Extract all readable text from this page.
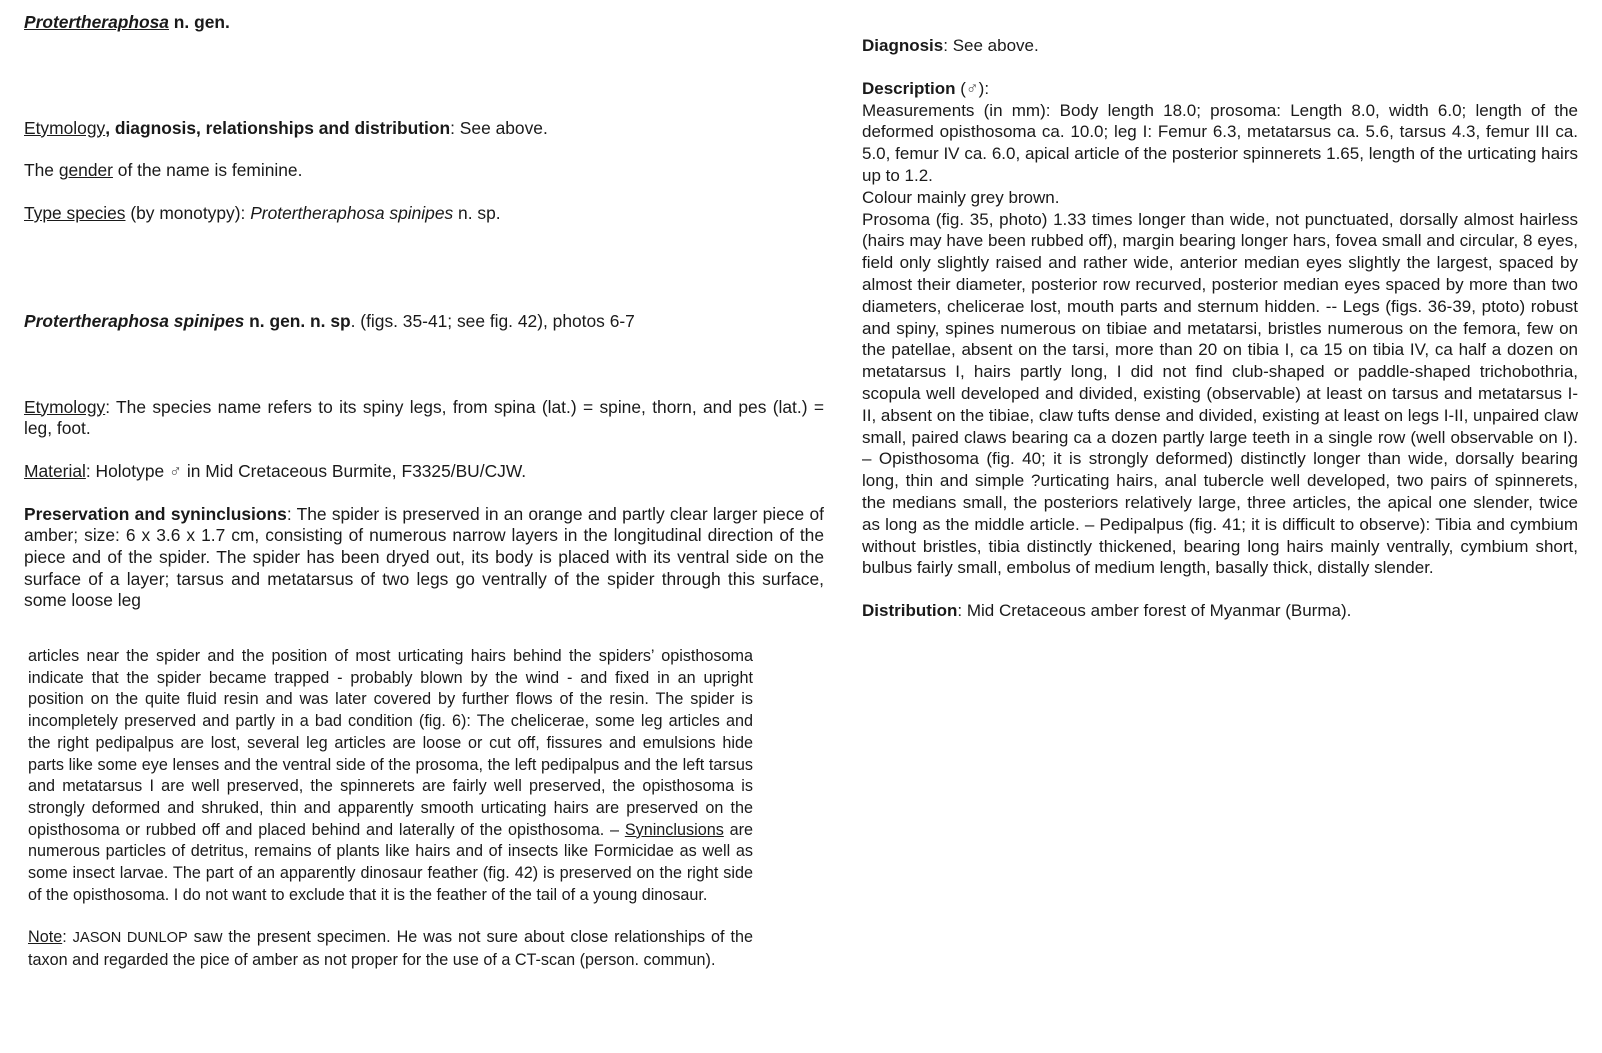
Protertheraphosa n. gen.

Etymology, diagnosis, relationships and distribution: See above.

The gender of the name is feminine.

Type species (by monotypy): Protertheraphosa spinipes n. sp.

Protertheraphosa spinipes n. gen. n. sp. (figs. 35-41; see fig. 42), photos 6-7

Etymology: The species name refers to its spiny legs, from spina (lat.) = spine, thorn, and pes (lat.) = leg, foot.

Material: Holotype ♂ in Mid Cretaceous Burmite, F3325/BU/CJW.

Preservation and syninclusions: The spider is preserved in an orange and partly clear larger piece of amber; size: 6 x 3.6 x 1.7 cm, consisting of numerous narrow layers in the longitudinal direction of the piece and of the spider. The spider has been dryed out, its body is placed with its ventral side on the surface of a layer; tarsus and metatarsus of two legs go ventrally of the spider through this surface, some loose leg

articles near the spider and the position of most urticating hairs behind the spiders’ opisthosoma indicate that the spider became trapped - probably blown by the wind - and fixed in an upright position on the quite fluid resin and was later covered by further flows of the resin. The spider is incompletely preserved and partly in a bad condition (fig. 6): The chelicerae, some leg articles and the right pedipalpus are lost, several leg articles are loose or cut off, fissures and emulsions hide parts like some eye lenses and the ventral side of the prosoma, the left pedipalpus and the left tarsus and metatarsus I are well preserved, the spinnerets are fairly well preserved, the opisthosoma is strongly deformed and shruked, thin and apparently smooth urticating hairs are preserved on the opisthosoma or rubbed off and placed behind and laterally of the opisthosoma. – Syninclusions are numerous particles of detritus, remains of plants like hairs and of insects like Formicidae as well as some insect larvae. The part of an apparently dinosaur feather (fig. 42) is preserved on the right side of the opisthosoma. I do not want to exclude that it is the feather of the tail of a young dinosaur.

Note: JASON DUNLOP saw the present specimen. He was not sure about close relationships of the taxon and regarded the pice of amber as not proper for the use of a CT-scan (person. commun).

Diagnosis: See above.

Description (♂):

Measurements (in mm): Body length 18.0; prosoma: Length 8.0, width 6.0; length of the deformed opisthosoma ca. 10.0; leg I: Femur 6.3, metatarsus ca. 5.6, tarsus 4.3, femur III ca. 5.0, femur IV ca. 6.0, apical article of the posterior spinnerets 1.65, length of the urticating hairs up to 1.2.

Colour mainly grey brown.

Prosoma (fig. 35, photo) 1.33 times longer than wide, not punctuated, dorsally almost hairless (hairs may have been rubbed off), margin bearing longer hars, fovea small and circular, 8 eyes, field only slightly raised and rather wide, anterior median eyes slightly the largest, spaced by almost their diameter, posterior row recurved, posterior median eyes spaced by more than two diameters, chelicerae lost, mouth parts and sternum hidden. -- Legs (figs. 36-39, ptoto) robust and spiny, spines numerous on tibiae and metatarsi, bristles numerous on the femora, few on the patellae, absent on the tarsi, more than 20 on tibia I, ca 15 on tibia IV, ca half a dozen on metatarsus I, hairs partly long, I did not find club-shaped or paddle-shaped trichobothria, scopula well developed and divided, existing (observable) at least on tarsus and metatarsus I-II, absent on the tibiae, claw tufts dense and divided, existing at least on legs I-II, unpaired claw small, paired claws bearing ca a dozen partly large teeth in a single row (well observable on I). – Opisthosoma (fig. 40; it is strongly deformed) distinctly longer than wide, dorsally bearing long, thin and simple ?urticating hairs, anal tubercle well developed, two pairs of spinnerets, the medians small, the posteriors relatively large, three articles, the apical one slender, twice as long as the middle article. – Pedipalpus (fig. 41; it is difficult to observe): Tibia and cymbium without bristles, tibia distinctly thickened, bearing long hairs mainly ventrally, cymbium short, bulbus fairly small, embolus of medium length, basally thick, distally slender.

Distribution: Mid Cretaceous amber forest of Myanmar (Burma).
